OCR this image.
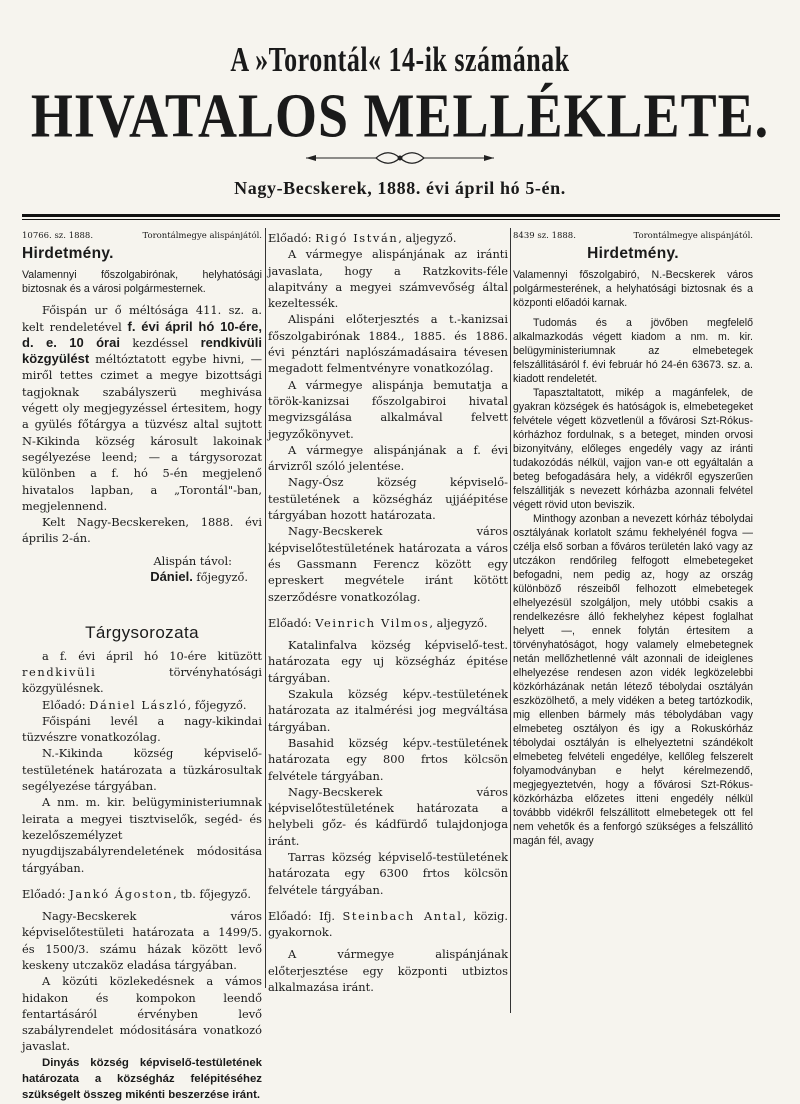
A »Torontál« 14-ik számának
HIVATALOS MELLÉKLETE.
Nagy-Becskerek, 1888. évi ápril hó 5-én.
10766. sz. 1888.	Torontálmegye alispánjától.
Hirdetmény.
Valamennyi főszolgabirónak, helyhatósági biztosnak és a városi polgármesternek.

Főispán ur ő méltósága 411. sz. a. kelt rendeletével f. évi ápril hó 10-ére, d. e. 10 órai kezdéssel rendkivüli közgyülést méltóztatott egybe hivni, — miről tettes czimet a megye bizottsági tagjoknak szabályszerü meghivása végett oly megjegyzéssel értesitem, hogy a gyülés főtárgya a tüzvész altal sujtott N-Kikinda község károsult lakoinak segélyezése leend; — a tárgysorozat különben a f. hó 5-én megjelenő hivatalos lapban, a „Torontál"-ban, megjelennend.

Kelt Nagy-Becskereken, 1888. évi április 2-án.

Alispán távol:
Dániel. főjegyző.
Tárgysorozata

a f. évi ápril hó 10-ére kitüzött rendkivüli törvényhatósági közgyülésnek.

Előadó: Dániel László, főjegyző.

Főispáni levél a nagy-kikindai tüzvészre vonatkozólag.

N.-Kikinda község képviselő-testületének határozata a tüzkárosultak segélyezése tárgyában.

A nm. m. kir. belügyministeriumnak leirata a megyei tisztviselők, segéd- és kezelőszemélyzet nyugdijszabályrendeletének módositása tárgyában.

Előadó: Jankó Ágoston, tb. főjegyző.

Nagy-Becskerek város képviselőtestületi határozata a 1499/5. és 1500/3. számu házak között levő keskeny utczaköz eladása tárgyában.

A közúti közlekedésnek a vámos hidakon és kompokon leendő fentartásáról érvényben levő szabályrendelet módositására vonatkozó javaslat.

Dinyás község képviselő-testületének határozata a községház felépitéséhez szükségelt összeg mikénti beszerzése iránt.

Előadó: Rigó István, aljegyző.

A vármegye alispánjának az iránti javaslata, hogy a Ratzkovits-féle alapitvány a megyei számvevőség által kezeltessék.

Alispáni előterjesztés a t.-kanizsai főszolgabirónak 1884., 1885. és 1886. évi pénztári naplószámadásaira tévesen megadott felmentvényre vonatkozólag.

A vármegye alispánja bemutatja a török-kanizsai főszolgabiroi hivatal megvizsgálása alkalmával felvett jegyzőkönyvet.

A vármegye alispánjának a f. évi árvizről szóló jelentése.

Nagy-Ósz község képviselő-testületének a községház ujjáépitése tárgyában hozott határozata.

Nagy-Becskerek város képviselőtestületének határozata a város és Gassmann Ferencz között egy epreskert megvétele iránt kötött szerződésre vonatkozólag.

Előadó: Veinrich Vilmos, aljegyző.

Katalinfalva község képviselő-test. határozata egy uj községház épitése tárgyában.

Szakula község képv.-testületének határozata az italmérési jog megváltása tárgyában.

Basahid község képv.-testületének határozata egy 800 frtos kölcsön felvétele tárgyában.

Nagy-Becskerek város képviselőtestületének határozata a helybeli gőz- és kádfürdő tulajdonjoga iránt.

Tarras község képviselő-testületének határozata egy 6300 frtos kölcsön felvétele tárgyában.

Előadó: Ifj. Steinbach Antal, közig. gyakornok.

A vármegye alispánjának előterjesztése egy központi utbiztos alkalmazása iránt.

8439 sz. 1888.	Torontálmegye alispánjától.
Hirdetmény.
Valamennyi főszolgabiró, N.-Becskerek város polgármesterének, a helyhatósági biztosnak és a központi előadói karnak.

Tudomás és a jövőben megfelelő alkalmazkodás végett kiadom a nm. m. kir. belügyministeriumnak az elmebetegek felszállitásáról f. évi február hó 24-én 63673. sz. a. kiadott rendeletét.

Tapasztaltatott, mikép a magánfelek, de gyakran községek és hatóságok is, elmebetegeket felvétele végett közvetlenül a fővárosi Szt-Rókus-kórházhoz fordulnak, s a beteget, minden orvosi bizonyitvány, előleges engedély vagy az iránti tudakozódás nélkül, vajjon van-e ott egyáltalán a beteg befogadására hely, a vidékről egyszerűen felszállitják s nevezett kórházba azonnali felvétel végett rövid uton beviszik.

Minthogy azonban a nevezett kórház téboly​dai osztályának korlatolt számu fekhelyénél fogva — czélja első sorban a főváros területén lakó vagy az utczákon rendőrileg felfogott elmebetegeket befogadni, nem pedig az, hogy az ország különböző részeiből felhozott elmebetegek elhelyezésül szolgáljon, mely utóbbi csakis a rendelkezésre álló fekhelyhez képest foglalhat helyett —, ennek folytán értesitem a törvényhatóságot, hogy valamely elmebetegnek netán mellőzhetlenné vált azonnali de ideiglenes elhelyezése rendesen azon vidék legközelebbi közkórházának netán létező téboly​dai osztályán eszközölhető, a mely vidéken a beteg tartózkodik, mig ellenben bármely más tébolydában vagy elmebeteg osztályon és igy a Rokuskórház tébolydai osztályán is elhelyeztetni szándékolt elmebeteg felvételi engedélye, kellőleg felszerelt folyamodványban e helyt kérelmezendő, megjegyeztetvén, hogy a fővárosi Szt-Rókus-közkórházba előzetes itteni engedély nélkül továbbb vidékről felszállitott elmebetegek ott fel nem vehetők és a fenforgó szükséges a felszállitó magán fél, avagy
